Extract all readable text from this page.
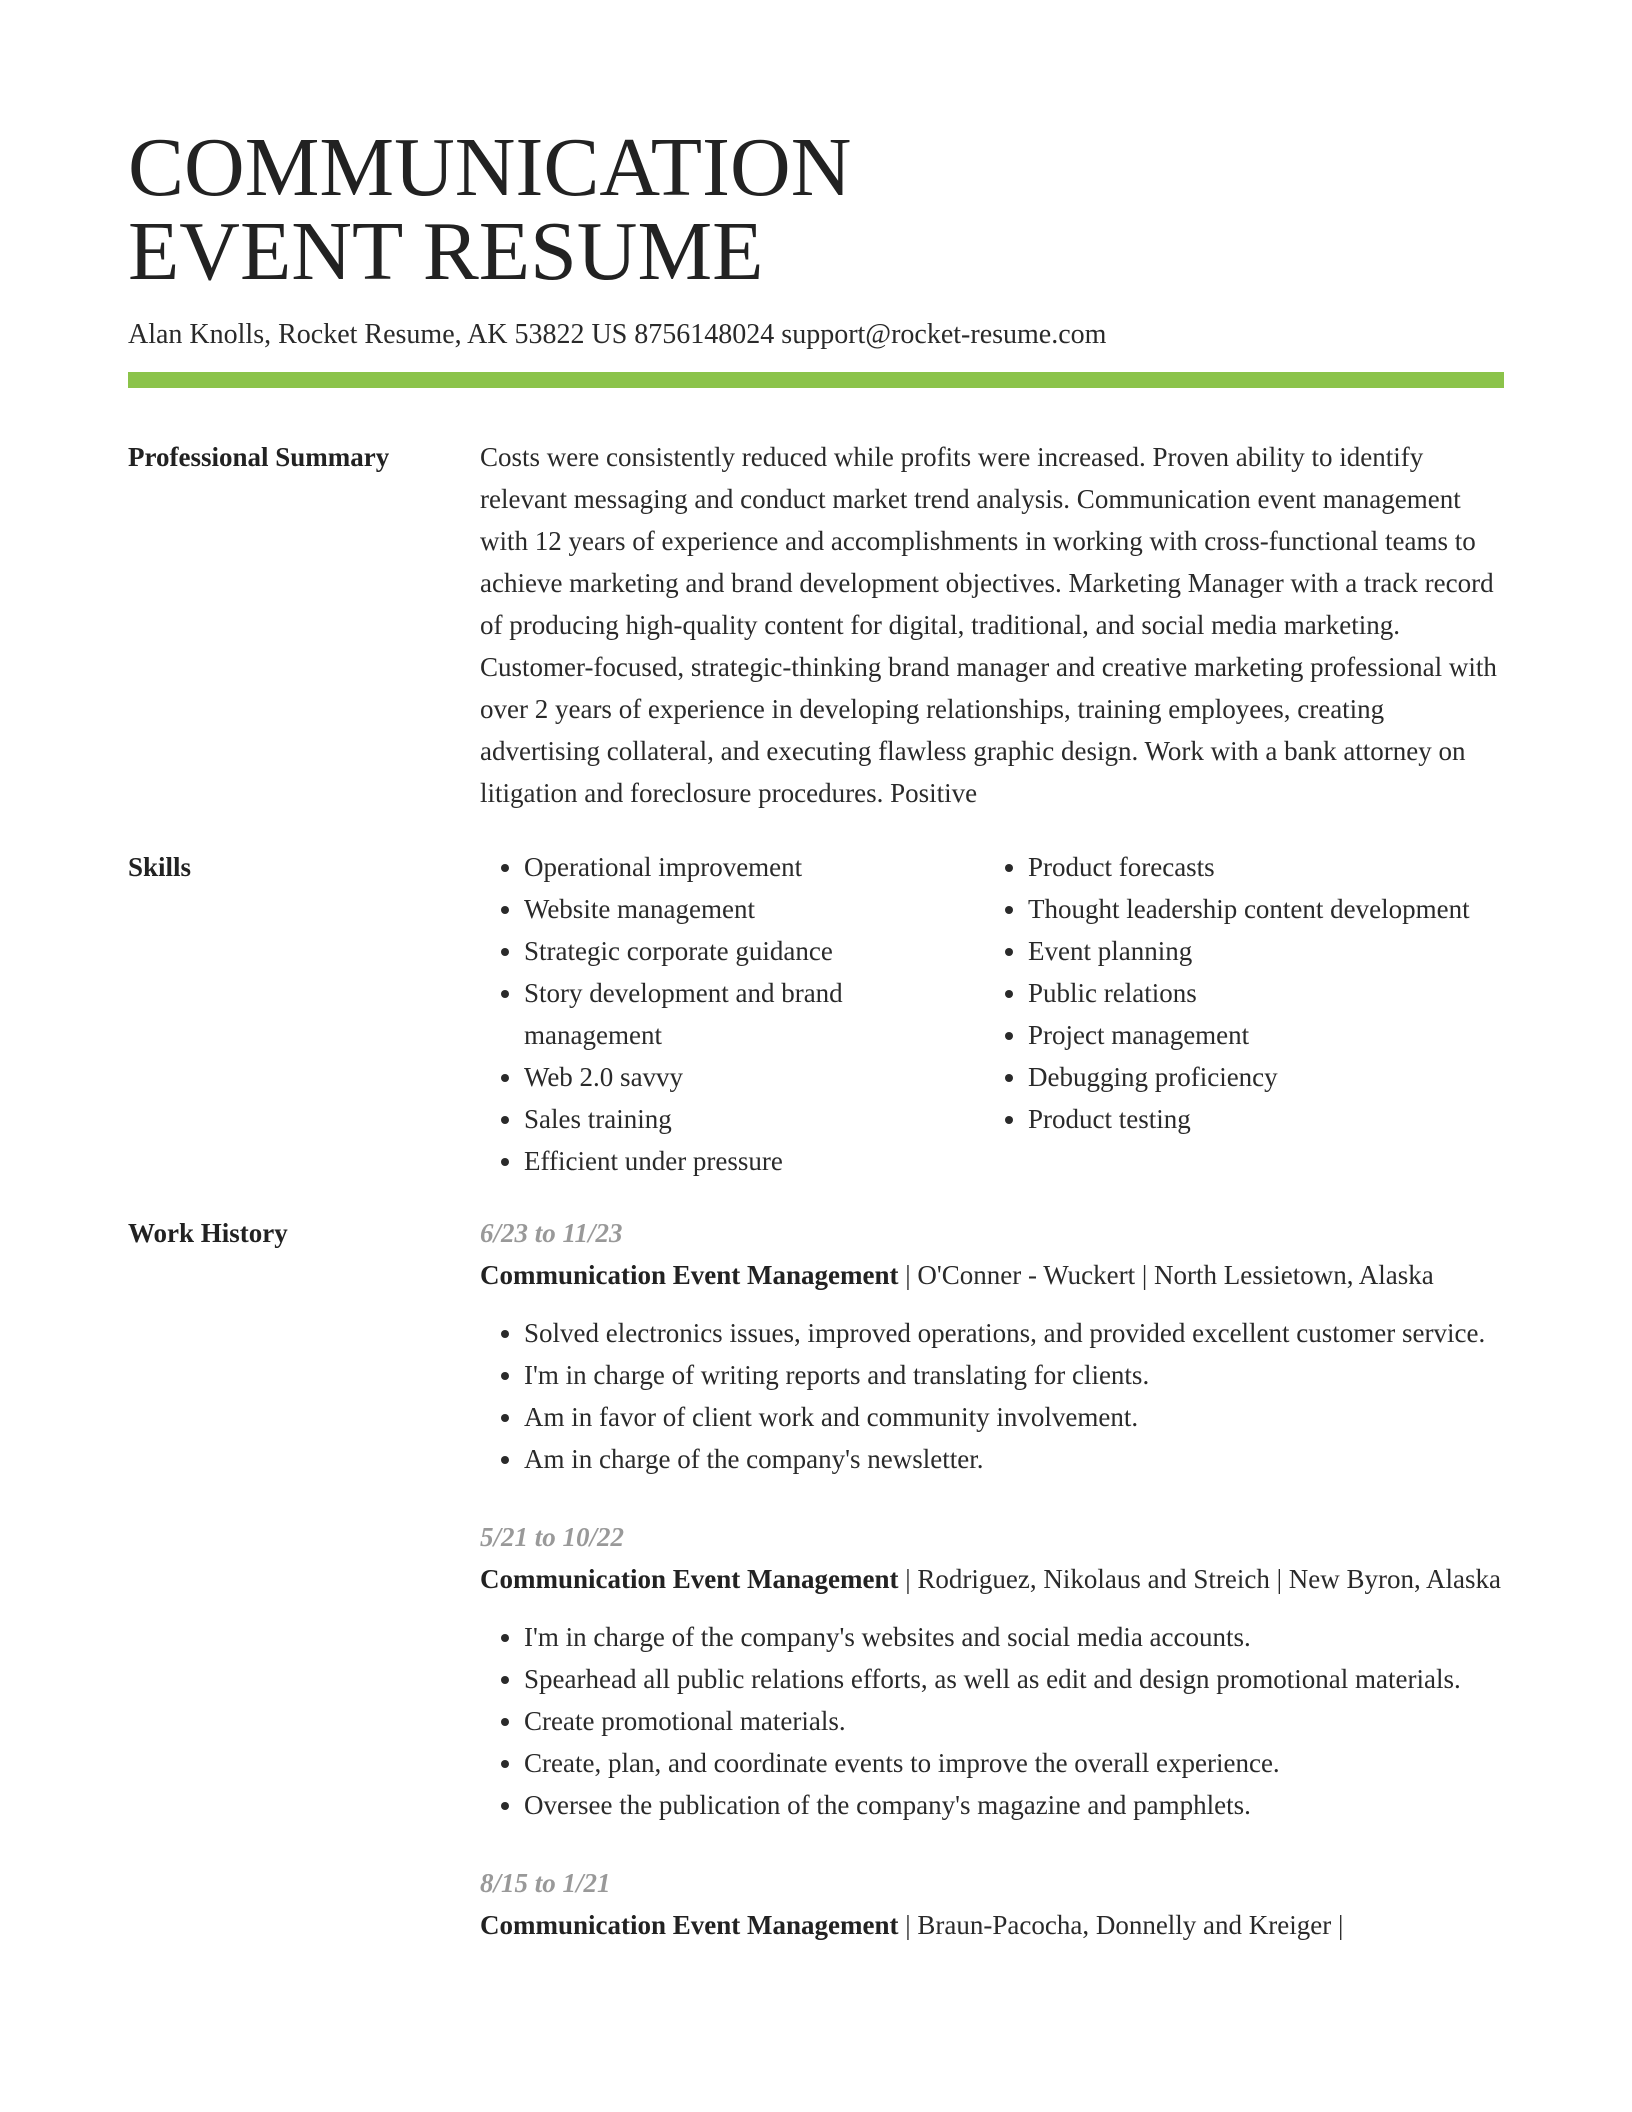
COMMUNICATION
EVENT RESUME
Alan Knolls, Rocket Resume, AK 53822 US 8756148024 support@rocket-resume.com
Professional Summary	Costs were consistently reduced while profits were increased. Proven ability to identify relevant messaging and conduct market trend analysis. Communication event management with 12 years of experience and accomplishments in working with cross-functional teams to achieve marketing and brand development objectives. Marketing Manager with a track record of producing high-quality content for digital, traditional, and social media marketing. Customer-focused, strategic-thinking brand manager and creative marketing professional with over 2 years of experience in developing relationships, training employees, creating advertising collateral, and executing flawless graphic design. Work with a bank attorney on litigation and foreclosure procedures. Positive
Skills
•	Operational improvement
• Website management
• Strategic corporate guidance
• Story development and brand management
• Web 2.0 savvy
• Sales training
• Efficient under pressure
• Product forecasts
• Thought leadership content development
• Event planning
• Public relations
• Project management
• Debugging proficiency
• Product testing
Work History	6/23 to 11/23
Communication Event Management | O'Conner - Wuckert | North Lessietown, Alaska
• Solved electronics issues, improved operations, and provided excellent customer service.
• I'm in charge of writing reports and translating for clients.
• Am in favor of client work and community involvement.
• Am in charge of the company's newsletter.
5/21 to 10/22
Communication Event Management | Rodriguez, Nikolaus and Streich | New Byron, Alaska
• I'm in charge of the company's websites and social media accounts.
• Spearhead all public relations efforts, as well as edit and design promotional materials.
• Create promotional materials.
• Create, plan, and coordinate events to improve the overall experience.
• Oversee the publication of the company's magazine and pamphlets.
8/15 to 1/21
Communication Event Management | Braun-Pacocha, Donnelly and Kreiger |
